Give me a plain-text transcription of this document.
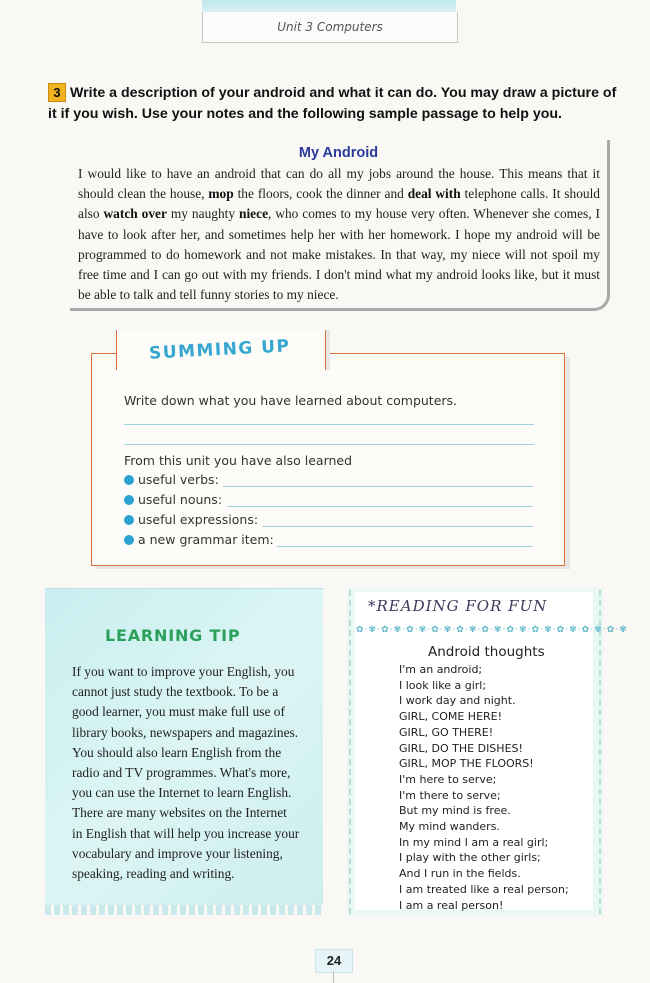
Unit 3 Computers
3 Write a description of your android and what it can do. You may draw a picture of it if you wish. Use your notes and the following sample passage to help you.
My Android
I would like to have an android that can do all my jobs around the house. This means that it should clean the house, mop the floors, cook the dinner and deal with telephone calls. It should also watch over my naughty niece, who comes to my house very often. Whenever she comes, I have to look after her, and sometimes help her with her homework. I hope my android will be programmed to do homework and not make mistakes. In that way, my niece will not spoil my free time and I can go out with my friends. I don't mind what my android looks like, but it must be able to talk and tell funny stories to my niece.
SUMMING UP
Write down what you have learned about computers.
From this unit you have also learned
useful verbs:
useful nouns:
useful expressions:
a new grammar item:
LEARNING TIP
If you want to improve your English, you
cannot just study the textbook. To be a
good learner, you must make full use of
library books, newspapers and magazines.
You should also learn English from the
radio and TV programmes. What's more,
you can use the Internet to learn English.
There are many websites on the Internet
in English that will help you increase your
vocabulary and improve your listening,
speaking, reading and writing.
*READING FOR FUN
✿·✾·✿·✾·✿·✾·✿·✾·✿·✾·✿·✾·✿·✾·✿·✾·✿·✾·✿·✾·✿·✾
Android thoughts
I'm an android;
I look like a girl;
I work day and night.
GIRL, COME HERE!
GIRL, GO THERE!
GIRL, DO THE DISHES!
GIRL, MOP THE FLOORS!
I'm here to serve;
I'm there to serve;
But my mind is free.
My mind wanders.
In my mind I am a real girl;
I play with the other girls;
And I run in the fields.
I am treated like a real person;
I am a real person!
24
